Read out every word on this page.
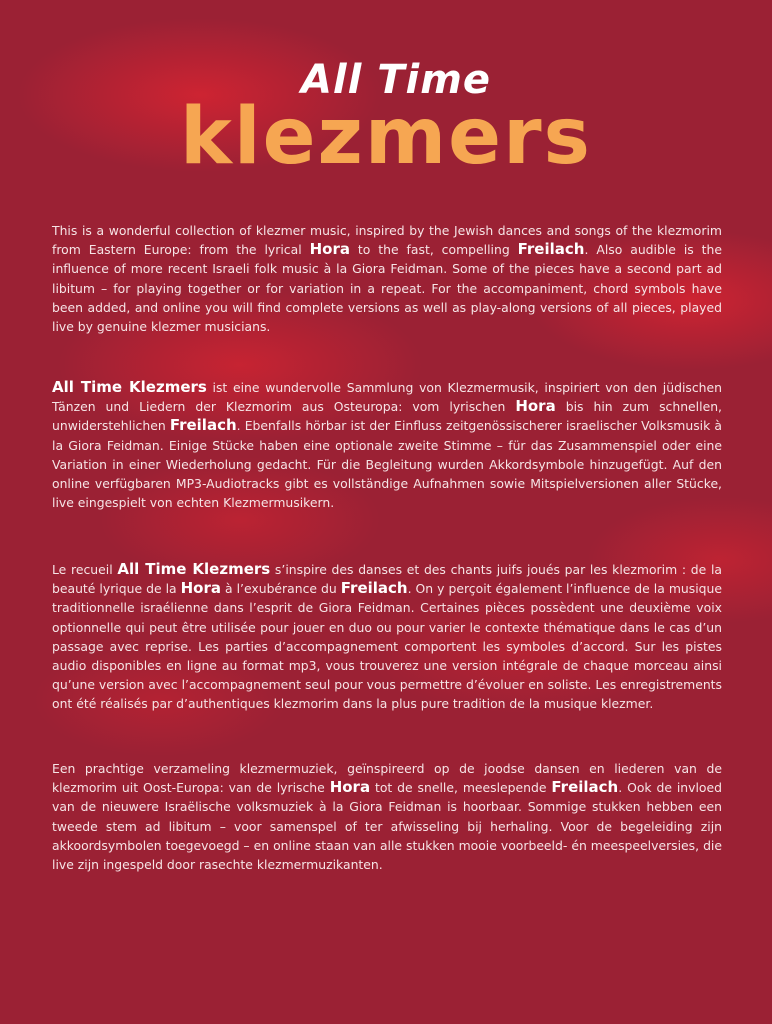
All Time
klezmers

This is a wonderful collection of klezmer music, inspired by the Jewish dances and songs of the klezmorim from Eastern Europe: from the lyrical Hora to the fast, compelling Freilach. Also audible is the influence of more recent Israeli folk music à la Giora Feidman. Some of the pieces have a second part ad libitum – for playing together or for variation in a repeat. For the accompaniment, chord symbols have been added, and online you will find complete versions as well as play-along versions of all pieces, played live by genuine klezmer musicians.

All Time Klezmers ist eine wundervolle Sammlung von Klezmermusik, inspiriert von den jüdischen Tänzen und Liedern der Klezmorim aus Osteuropa: vom lyrischen Hora bis hin zum schnellen, unwiderstehlichen Freilach. Ebenfalls hörbar ist der Einfluss zeitgenössischerer israelischer Volksmusik à la Giora Feidman. Einige Stücke haben eine optionale zweite Stimme – für das Zusammenspiel oder eine Variation in einer Wiederholung gedacht. Für die Begleitung wurden Akkordsymbole hinzugefügt. Auf den online verfügbaren MP3-Audiotracks gibt es vollständige Aufnahmen sowie Mitspielversionen aller Stücke, live eingespielt von echten Klezmermusikern.

Le recueil All Time Klezmers s’inspire des danses et des chants juifs joués par les klezmorim : de la beauté lyrique de la Hora à l’exubérance du Freilach. On y perçoit également l’influence de la musique traditionnelle israélienne dans l’esprit de Giora Feidman. Certaines pièces possèdent une deuxième voix optionnelle qui peut être utilisée pour jouer en duo ou pour varier le contexte thématique dans le cas d’un passage avec reprise. Les parties d’accompagnement comportent les symboles d’accord. Sur les pistes audio disponibles en ligne au format mp3, vous trouverez une version intégrale de chaque morceau ainsi qu’une version avec l’accompagnement seul pour vous permettre d’évoluer en soliste. Les enregistrements ont été réalisés par d’authentiques klezmorim dans la plus pure tradition de la musique klezmer.

Een prachtige verzameling klezmermuziek, geïnspireerd op de joodse dansen en liederen van de klezmorim uit Oost-Europa: van de lyrische Hora tot de snelle, meeslepende Freilach. Ook de invloed van de nieuwere Israëlische volksmuziek à la Giora Feidman is hoorbaar. Sommige stukken hebben een tweede stem ad libitum – voor samenspel of ter afwisseling bij herhaling. Voor de begeleiding zijn akkoordsymbolen toegevoegd – en online staan van alle stukken mooie voorbeeld- én meespeelversies, die live zijn ingespeld door rasechte klezmermuzikanten.
